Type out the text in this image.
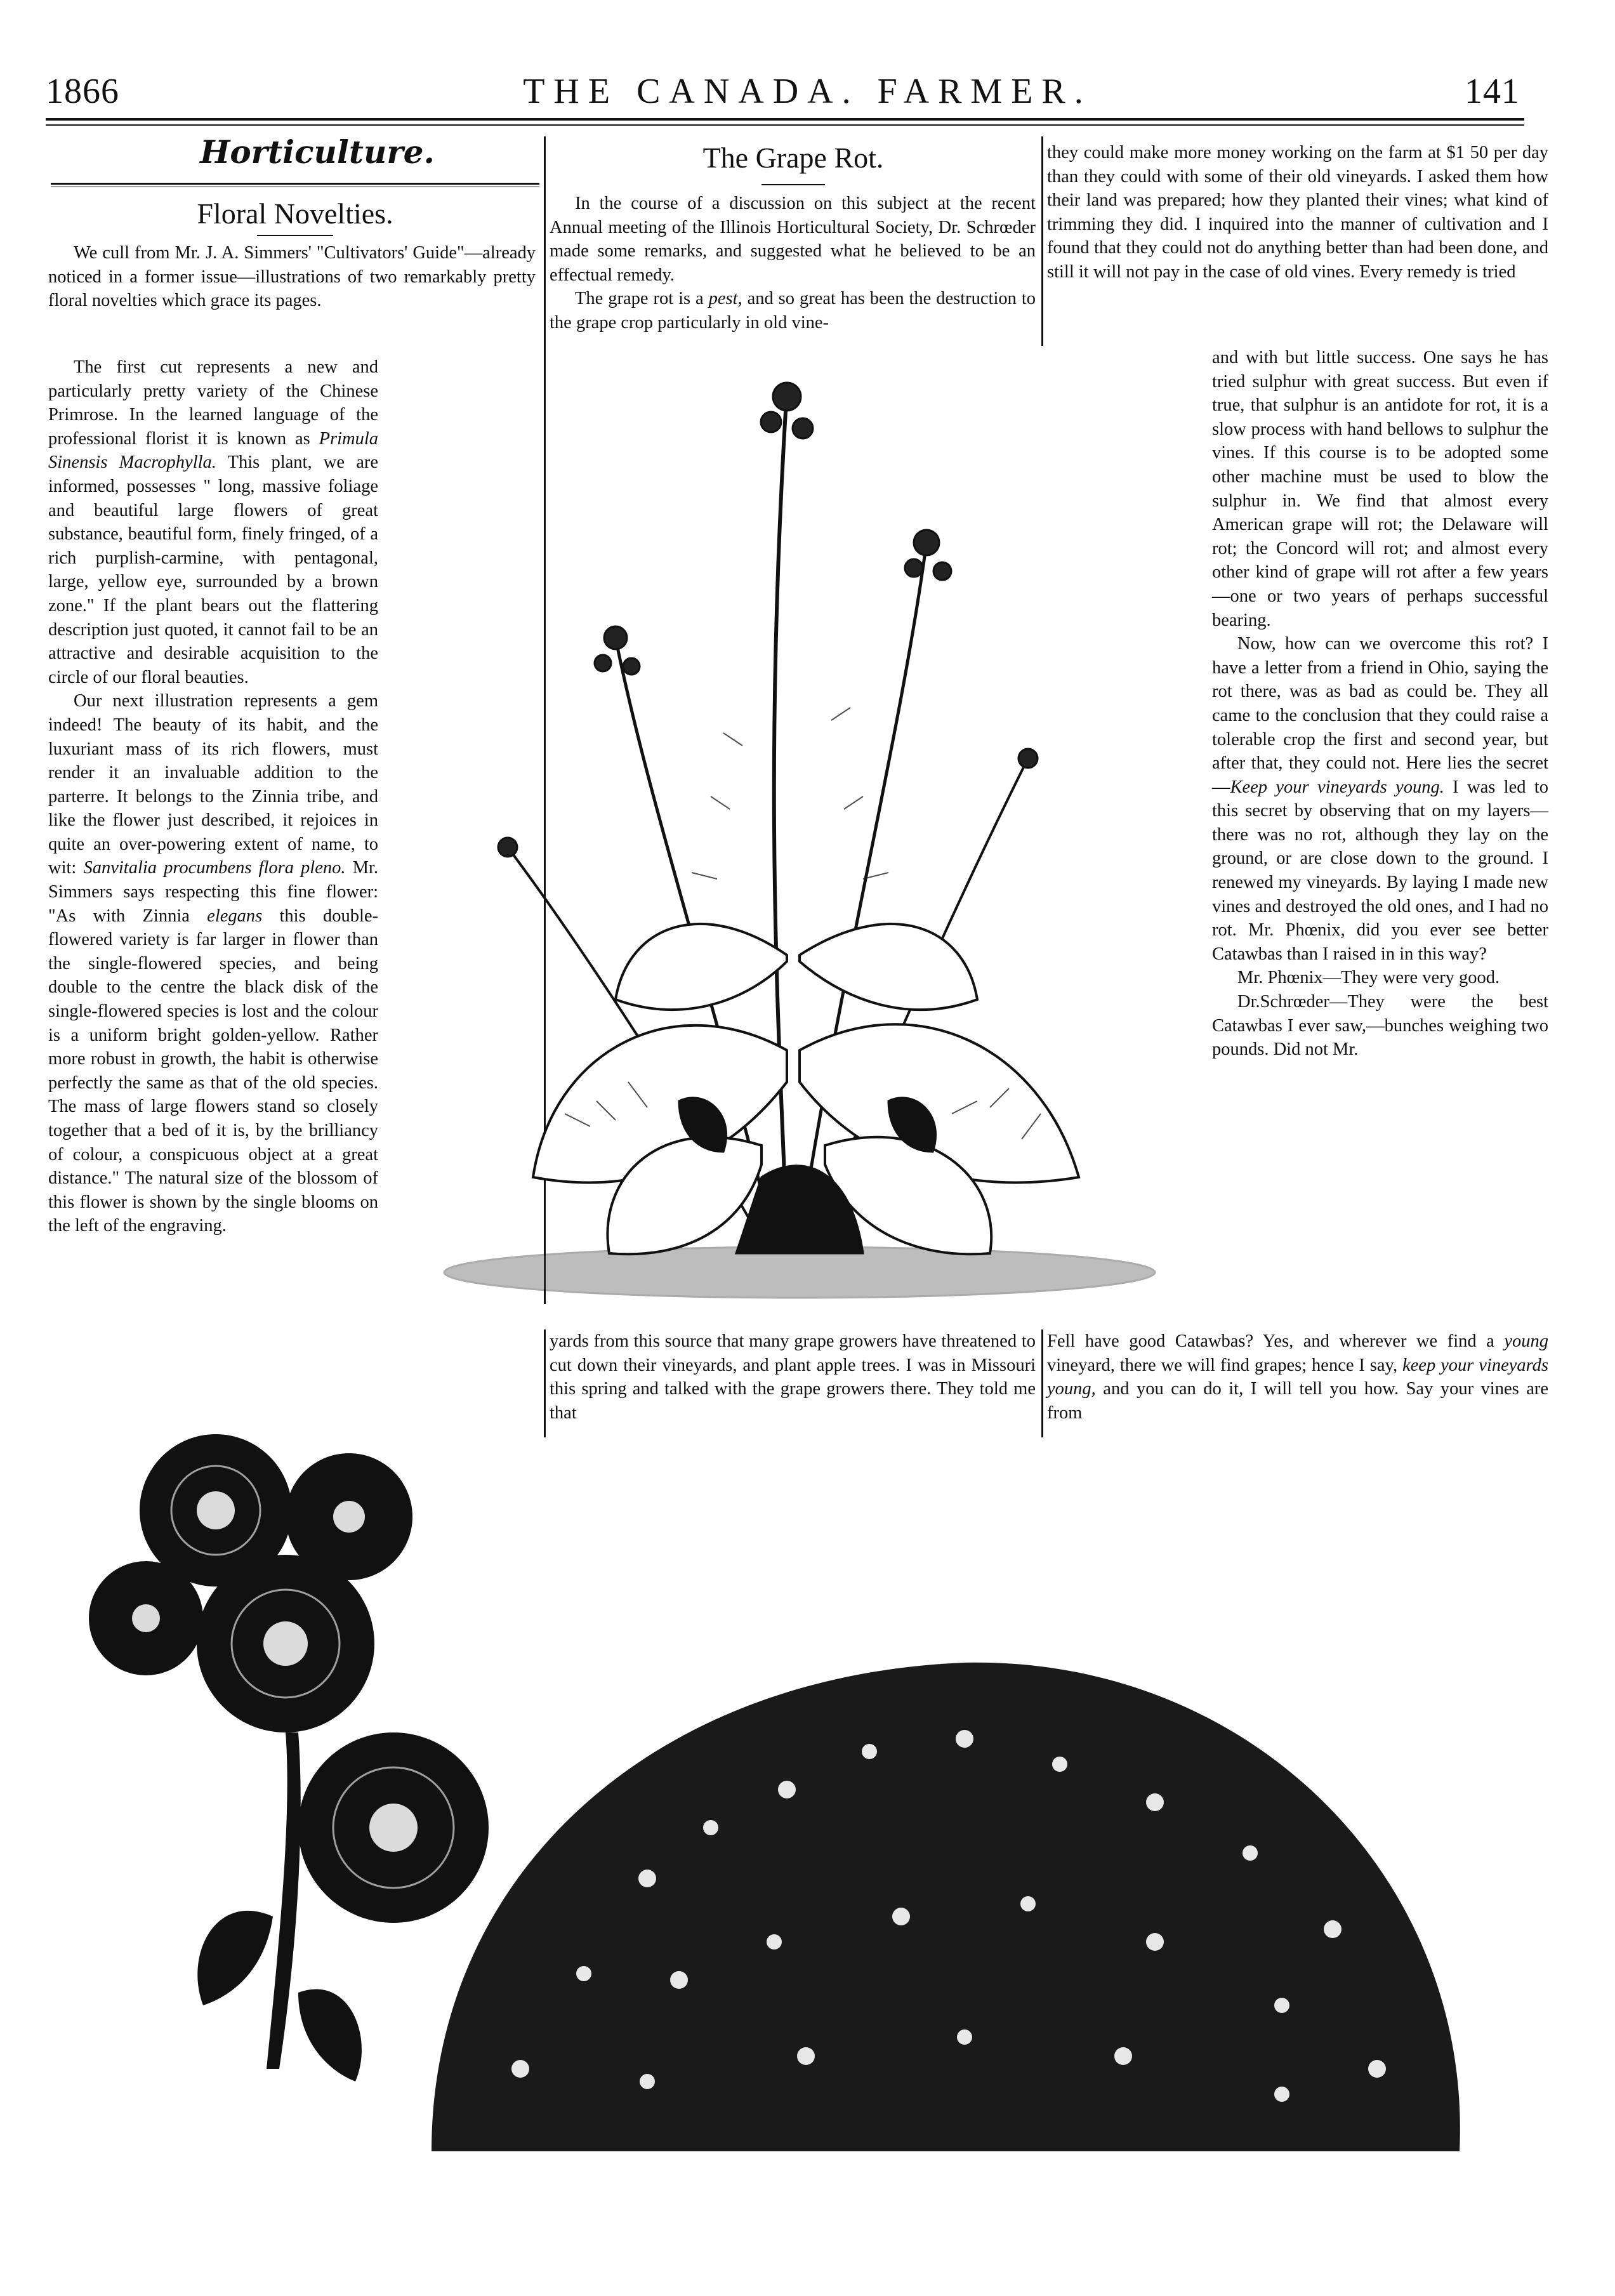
1866	THE CANADA. FARMER.	141
Horticulture.
Floral Novelties.

We cull from Mr. J. A. Simmers' "Cultivators' Guide"—already noticed in a former issue—illustrations of two remarkably pretty floral novelties which grace its pages.

The first cut represents a new and particularly pretty variety of the Chinese Primrose. In the learned language of the professional florist it is known as Primula Sinensis Macrophylla. This plant, we are informed, possesses " long, massive foliage and beautiful large flowers of great substance, beautiful form, finely fringed, of a rich purplish-carmine, with pentagonal, large, yellow eye, surrounded by a brown zone." If the plant bears out the flattering description just quoted, it cannot fail to be an attractive and desirable acquisition to the circle of our floral beauties.

Our next illustration represents a gem indeed! The beauty of its habit, and the luxuriant mass of its rich flowers, must render it an invaluable addition to the parterre. It belongs to the Zinnia tribe, and like the flower just described, it rejoices in quite an over-powering extent of name, to wit: Sanvitalia procumbens flora pleno. Mr. Simmers says respecting this fine flower: "As with Zinnia elegans this double-flowered variety is far larger in flower than the single-flowered species, and being double to the centre the black disk of the single-flowered species is lost and the colour is a uniform bright golden-yellow. Rather more robust in growth, the habit is otherwise perfectly the same as that of the old species. The mass of large flowers stand so closely together that a bed of it is, by the brilliancy of colour, a conspicuous object at a great distance." The natural size of the blossom of this flower is shown by the single blooms on the left of the engraving.

The Grape Rot.

In the course of a discussion on this subject at the recent Annual meeting of the Illinois Horticultural Society, Dr. Schrœder made some remarks, and suggested what he believed to be an effectual remedy.

The grape rot is a pest, and so great has been the destruction to the grape crop particularly in old vine-

they could make more money working on the farm at $1 50 per day than they could with some of their old vineyards. I asked them how their land was prepared; how they planted their vines; what kind of trimming they did. I inquired into the manner of cultivation and I found that they could not do anything better than had been done, and still it will not pay in the case of old vines. Every remedy is tried

and with but little success. One says he has tried sulphur with great success. But even if true, that sulphur is an antidote for rot, it is a slow process with hand bellows to sulphur the vines. If this course is to be adopted some other machine must be used to blow the sulphur in. We find that almost every American grape will rot; the Delaware will rot; the Concord will rot; and almost every other kind of grape will rot after a few years—one or two years of perhaps successful bearing.

Now, how can we overcome this rot? I have a letter from a friend in Ohio, saying the rot there, was as bad as could be. They all came to the conclusion that they could raise a tolerable crop the first and second year, but after that, they could not. Here lies the secret—Keep your vineyards young. I was led to this secret by observing that on my layers—there was no rot, although they lay on the ground, or are close down to the ground. I renewed my vineyards. By laying I made new vines and destroyed the old ones, and I had no rot. Mr. Phœnix, did you ever see better Catawbas than I raised in in this way?

Mr. Phœnix—They were very good.

Dr.Schrœder—They were the best Catawbas I ever saw,—bunches weighing two pounds. Did not Mr.

yards from this source that many grape growers have threatened to cut down their vineyards, and plant apple trees. I was in Missouri this spring and talked with the grape growers there. They told me that

Fell have good Catawbas? Yes, and wherever we find a young vineyard, there we will find grapes; hence I say, keep your vineyards young, and you can do it, I will tell you how. Say your vines are from
